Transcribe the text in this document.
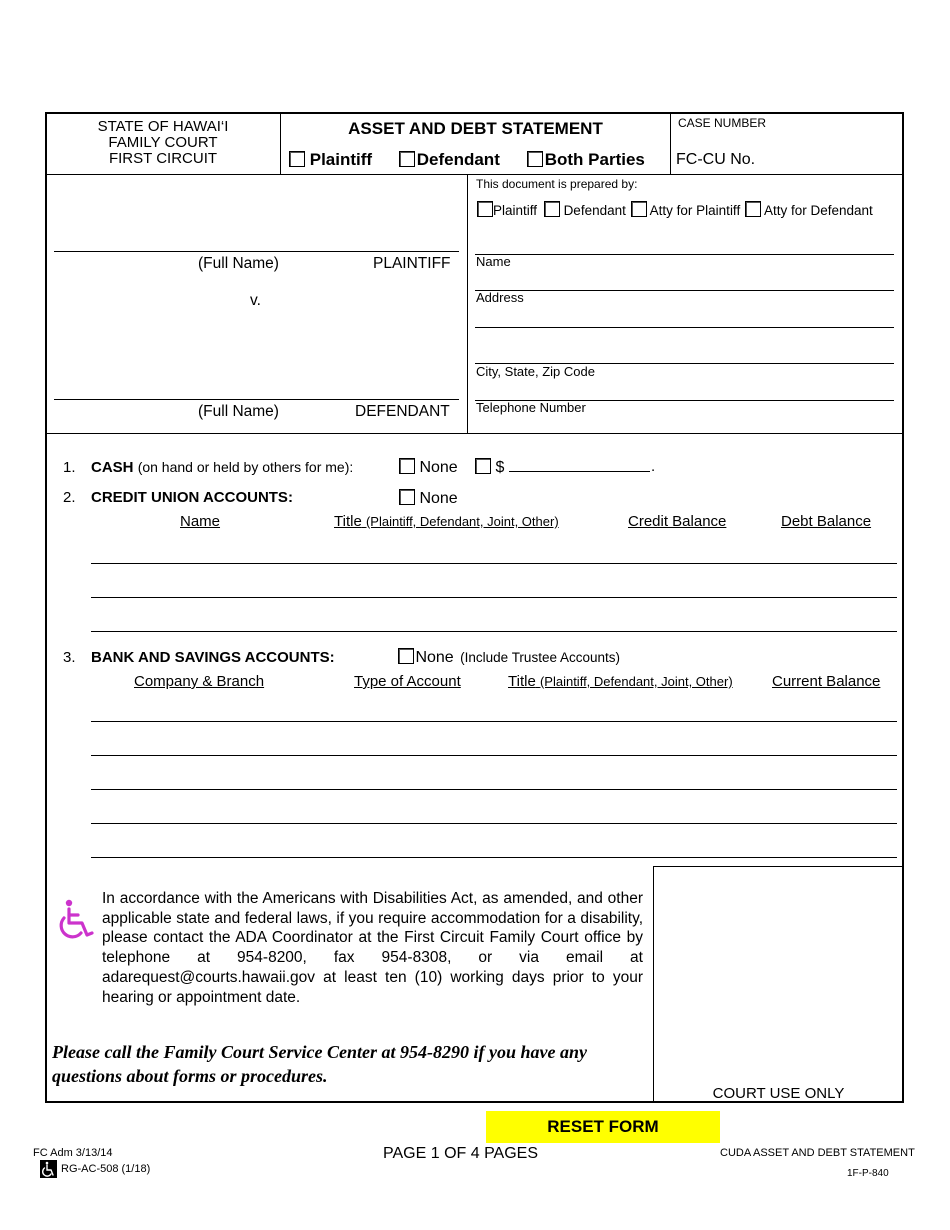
STATE OF HAWAI‘I
FAMILY COURT
FIRST CIRCUIT
ASSET AND DEBT STATEMENT
Plaintiff	Defendant	Both Parties
CASE NUMBER
FC-CU No.
(Full Name)	PLAINTIFF
v.
(Full Name)	DEFENDANT
This document is prepared by:
Plaintiff Defendant Atty for Plaintiff Atty for Defendant
Name
Address
City, State, Zip Code
Telephone Number
1. CASH (on hand or held by others for me):	None	$	.
2. CREDIT UNION ACCOUNTS:	None
Name	Title (Plaintiff, Defendant, Joint, Other)	Credit Balance	Debt Balance
3. BANK AND SAVINGS ACCOUNTS:	None (Include Trustee Accounts)
Company & Branch	Type of Account	Title (Plaintiff, Defendant, Joint, Other)	Current Balance
COURT USE ONLY
In accordance with the Americans with Disabilities Act, as amended, and other applicable state and federal laws, if you require accommodation for a disability, please contact the ADA Coordinator at the First Circuit Family Court office by telephone at 954-8200, fax 954-8308, or via email at adarequest@courts.hawaii.gov at least ten (10) working days prior to your hearing or appointment date.
Please call the Family Court Service Center at 954-8290 if you have any questions about forms or procedures.
RESET FORM
FC Adm 3/13/14
RG-AC-508 (1/18)
PAGE 1 OF 4 PAGES	CUDA ASSET AND DEBT STATEMENT
1F-P-840
